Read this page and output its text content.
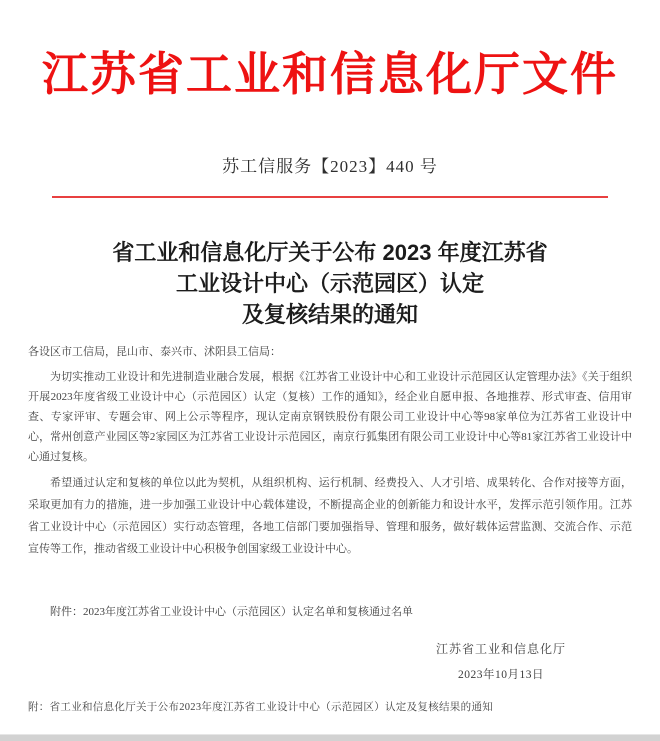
江苏省工业和信息化厅文件
苏工信服务【2023】440 号
省工业和信息化厅关于公布 2023 年度江苏省
工业设计中心（示范园区）认定
及复核结果的通知
各设区市工信局，昆山市、泰兴市、沭阳县工信局：

为切实推动工业设计和先进制造业融合发展，根据《江苏省工业设计中心和工业设计示范园区认定管理办法》《关于组织开展2023年度省级工业设计中心（示范园区）认定（复核）工作的通知》，经企业自愿申报、各地推荐、形式审查、信用审查、专家评审、专题会审、网上公示等程序，现认定南京钢铁股份有限公司工业设计中心等98家单位为江苏省工业设计中心，常州创意产业园区等2家园区为江苏省工业设计示范园区，南京行狐集团有限公司工业设计中心等81家江苏省工业设计中心通过复核。

希望通过认定和复核的单位以此为契机，从组织机构、运行机制、经费投入、人才引培、成果转化、合作对接等方面，采取更加有力的措施，进一步加强工业设计中心载体建设，不断提高企业的创新能力和设计水平，发挥示范引领作用。江苏省工业设计中心（示范园区）实行动态管理，各地工信部门要加强指导、管理和服务，做好载体运营监测、交流合作、示范宣传等工作，推动省级工业设计中心积极争创国家级工业设计中心。

附件：2023年度江苏省工业设计中心（示范园区）认定名单和复核通过名单
江苏省工业和信息化厅
2023年10月13日
附：省工业和信息化厅关于公布2023年度江苏省工业设计中心（示范园区）认定及复核结果的通知
